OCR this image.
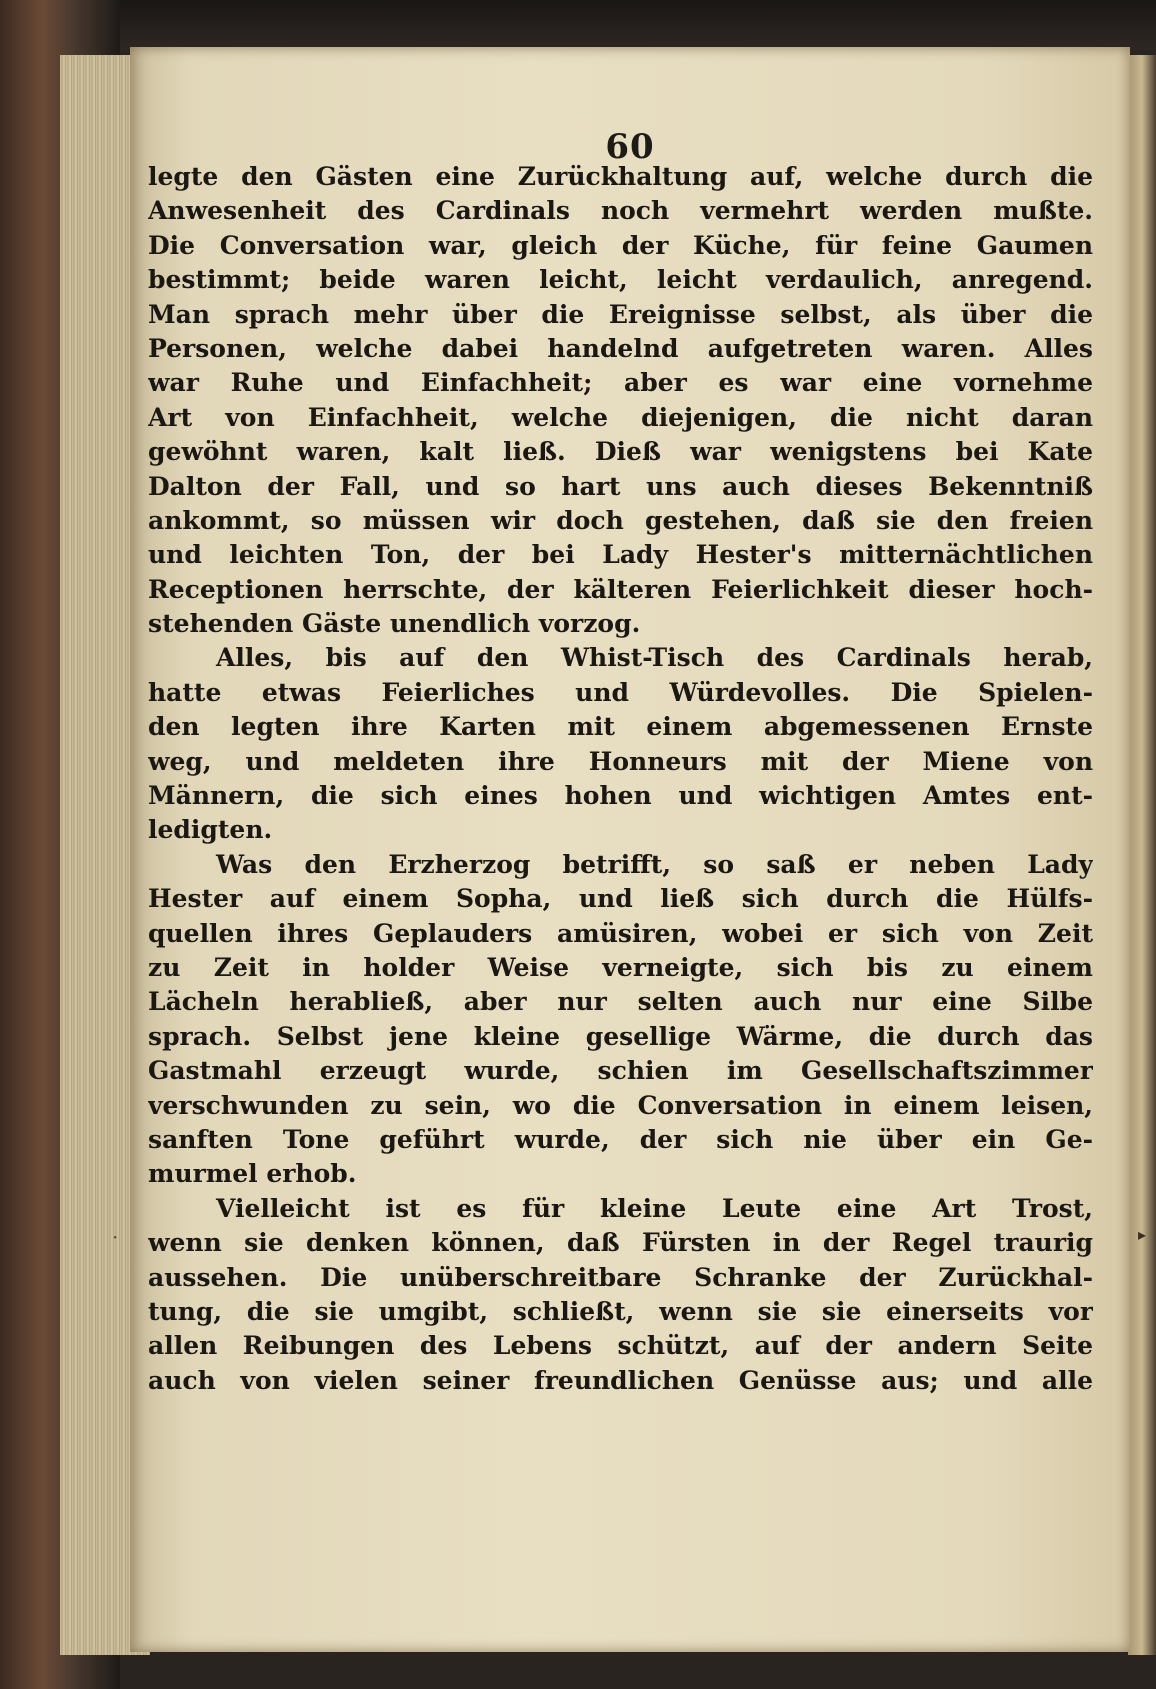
60
legte den Gästen eine Zurückhaltung auf, welche durch die
Anwesenheit des Cardinals noch vermehrt werden mußte.
Die Conversation war, gleich der Küche, für feine Gaumen
bestimmt; beide waren leicht, leicht verdaulich, anregend.
Man sprach mehr über die Ereignisse selbst, als über die
Personen, welche dabei handelnd aufgetreten waren. Alles
war Ruhe und Einfachheit; aber es war eine vornehme
Art von Einfachheit, welche diejenigen, die nicht daran
gewöhnt waren, kalt ließ. Dieß war wenigstens bei Kate
Dalton der Fall, und so hart uns auch dieses Bekenntniß
ankommt, so müssen wir doch gestehen, daß sie den freien
und leichten Ton, der bei Lady Hester's mitternächtlichen
Receptionen herrschte, der kälteren Feierlichkeit dieser hoch-
stehenden Gäste unendlich vorzog.
Alles, bis auf den Whist-Tisch des Cardinals herab,
hatte etwas Feierliches und Würdevolles. Die Spielen-
den legten ihre Karten mit einem abgemessenen Ernste
weg, und meldeten ihre Honneurs mit der Miene von
Männern, die sich eines hohen und wichtigen Amtes ent-
ledigten.
Was den Erzherzog betrifft, so saß er neben Lady
Hester auf einem Sopha, und ließ sich durch die Hülfs-
quellen ihres Geplauders amüsiren, wobei er sich von Zeit
zu Zeit in holder Weise verneigte, sich bis zu einem
Lächeln herabließ, aber nur selten auch nur eine Silbe
sprach. Selbst jene kleine gesellige Wärme, die durch das
Gastmahl erzeugt wurde, schien im Gesellschaftszimmer
verschwunden zu sein, wo die Conversation in einem leisen,
sanften Tone geführt wurde, der sich nie über ein Ge-
murmel erhob.
Vielleicht ist es für kleine Leute eine Art Trost,
wenn sie denken können, daß Fürsten in der Regel traurig
aussehen. Die unüberschreitbare Schranke der Zurückhal-
tung, die sie umgibt, schließt, wenn sie sie einerseits vor
allen Reibungen des Lebens schützt, auf der andern Seite
auch von vielen seiner freundlichen Genüsse aus; und alle
·	▸
